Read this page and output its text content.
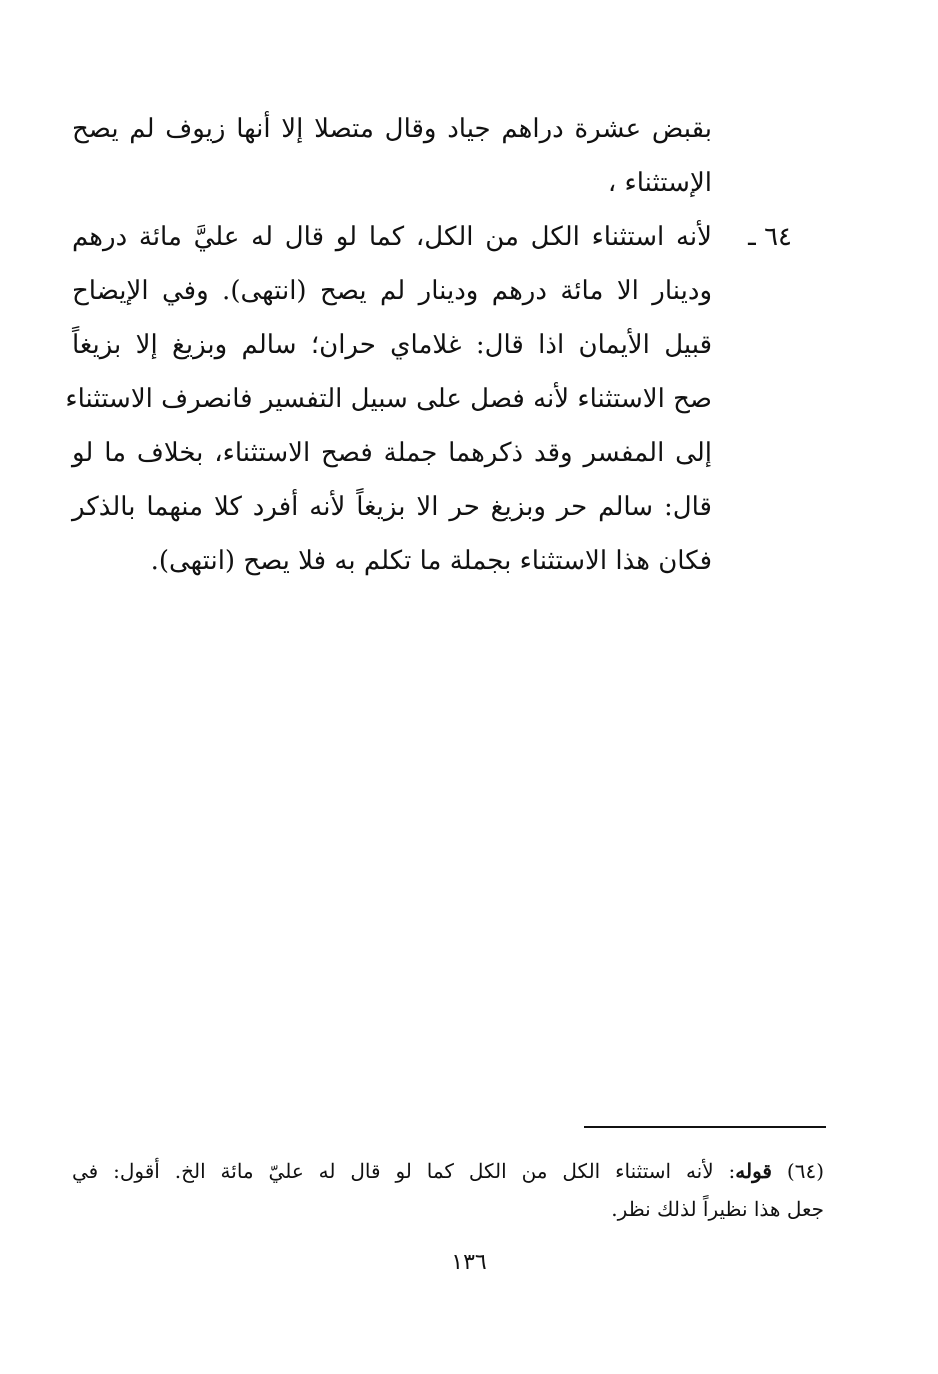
بقبض عشرة دراهم جياد وقال متصلا إلا أنها زيوف لم يصح
الإستثناء ،
لأنه استثناء الكل من الكل، كما لو قال له عليَّ مائة درهم
ودينار الا مائة درهم ودينار لم يصح (انتهى). وفي الإيضاح
قبيل الأيمان اذا قال: غلاماي حران؛ سالم وبزيغ إلا بزيغاً
صح الاستثناء لأنه فصل على سبيل التفسير فانصرف الاستثناء
إلى المفسر وقد ذكرهما جملة فصح الاستثناء، بخلاف ما لو
قال: سالم حر وبزيغ حر الا بزيغاً لأنه أفرد كلا منهما بالذكر
فكان هذا الاستثناء بجملة ما تكلم به فلا يصح (انتهى).
٦٤ ـ
(٦٤) قوله: لأنه استثناء الكل من الكل كما لو قال له عليّ مائة الخ. أقول: في
جعل هذا نظيراً لذلك نظر.
١٣٦
